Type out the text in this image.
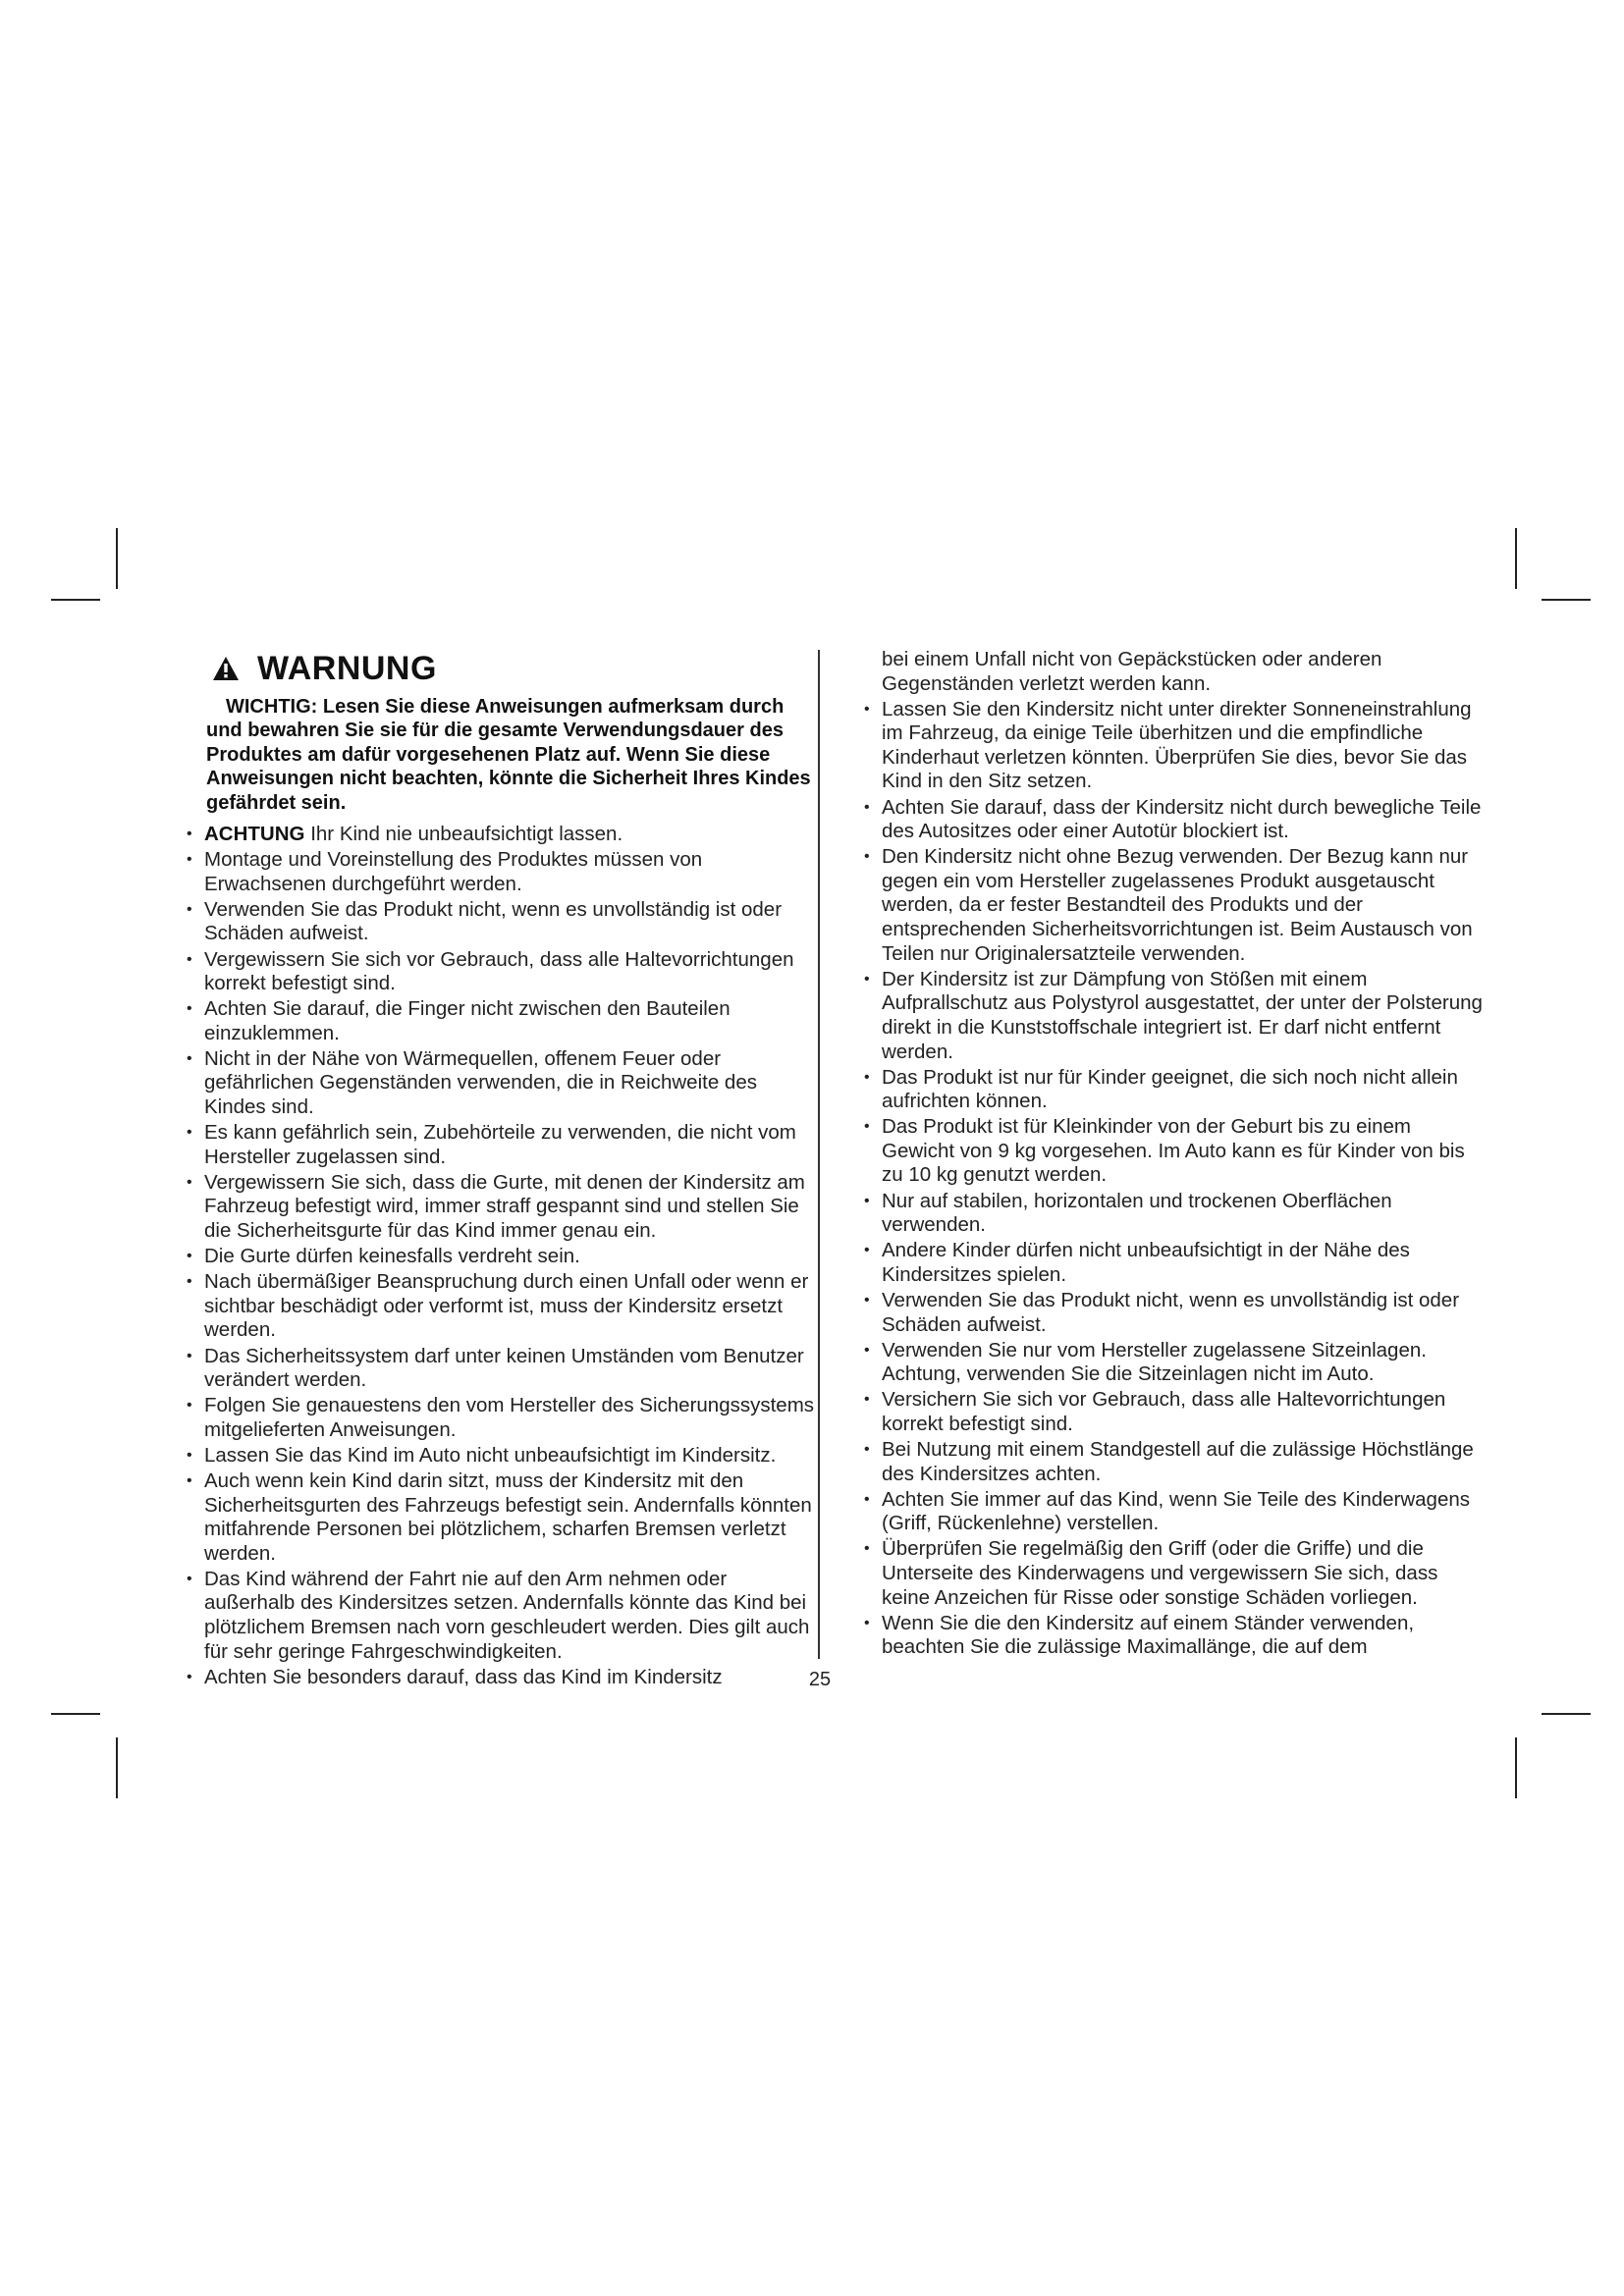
WARNUNG
WICHTIG: Lesen Sie diese Anweisungen aufmerksam durch und bewahren Sie sie für die gesamte Verwendungsdauer des Produktes am dafür vorgesehenen Platz auf. Wenn Sie diese Anweisungen nicht beachten, könnte die Sicherheit Ihres Kindes gefährdet sein.
• ACHTUNG Ihr Kind nie unbeaufsichtigt lassen.
• Montage und Voreinstellung des Produktes müssen von Erwachsenen durchgeführt werden.
• Verwenden Sie das Produkt nicht, wenn es unvollständig ist oder Schäden aufweist.
• Vergewissern Sie sich vor Gebrauch, dass alle Haltevorrichtungen korrekt befestigt sind.
• Achten Sie darauf, die Finger nicht zwischen den Bauteilen einzuklemmen.
• Nicht in der Nähe von Wärmequellen, offenem Feuer oder gefährlichen Gegenständen verwenden, die in Reichweite des Kindes sind.
• Es kann gefährlich sein, Zubehörteile zu verwenden, die nicht vom Hersteller zugelassen sind.
• Vergewissern Sie sich, dass die Gurte, mit denen der Kindersitz am Fahrzeug befestigt wird, immer straff gespannt sind und stellen Sie die Sicherheitsgurte für das Kind immer genau ein.
• Die Gurte dürfen keinesfalls verdreht sein.
• Nach übermäßiger Beanspruchung durch einen Unfall oder wenn er sichtbar beschädigt oder verformt ist, muss der Kindersitz ersetzt werden.
• Das Sicherheitssystem darf unter keinen Umständen vom Benutzer verändert werden.
• Folgen Sie genauestens den vom Hersteller des Sicherungssystems mitgelieferten Anweisungen.
• Lassen Sie das Kind im Auto nicht unbeaufsichtigt im Kindersitz.
• Auch wenn kein Kind darin sitzt, muss der Kindersitz mit den Sicherheitsgurten des Fahrzeugs befestigt sein. Andernfalls könnten mitfahrende Personen bei plötzlichem, scharfen Bremsen verletzt werden.
• Das Kind während der Fahrt nie auf den Arm nehmen oder außerhalb des Kindersitzes setzen. Andernfalls könnte das Kind bei plötzlichem Bremsen nach vorn geschleudert werden. Dies gilt auch für sehr geringe Fahrgeschwindigkeiten.
• Achten Sie besonders darauf, dass das Kind im Kindersitz
bei einem Unfall nicht von Gepäckstücken oder anderen Gegenständen verletzt werden kann.
• Lassen Sie den Kindersitz nicht unter direkter Sonneneinstrahlung im Fahrzeug, da einige Teile überhitzen und die empfindliche Kinderhaut verletzen könnten. Überprüfen Sie dies, bevor Sie das Kind in den Sitz setzen.
• Achten Sie darauf, dass der Kindersitz nicht durch bewegliche Teile des Autositzes oder einer Autotür blockiert ist.
• Den Kindersitz nicht ohne Bezug verwenden. Der Bezug kann nur gegen ein vom Hersteller zugelassenes Produkt ausgetauscht werden, da er fester Bestandteil des Produkts und der entsprechenden Sicherheitsvorrichtungen ist. Beim Austausch von Teilen nur Originalersatzteile verwenden.
• Der Kindersitz ist zur Dämpfung von Stößen mit einem Aufprallschutz aus Polystyrol ausgestattet, der unter der Polsterung direkt in die Kunststoffschale integriert ist. Er darf nicht entfernt werden.
• Das Produkt ist nur für Kinder geeignet, die sich noch nicht allein aufrichten können.
• Das Produkt ist für Kleinkinder von der Geburt bis zu einem Gewicht von 9 kg vorgesehen. Im Auto kann es für Kinder von bis zu 10 kg genutzt werden.
• Nur auf stabilen, horizontalen und trockenen Oberflächen verwenden.
• Andere Kinder dürfen nicht unbeaufsichtigt in der Nähe des Kindersitzes spielen.
• Verwenden Sie das Produkt nicht, wenn es unvollständig ist oder Schäden aufweist.
• Verwenden Sie nur vom Hersteller zugelassene Sitzeinlagen. Achtung, verwenden Sie die Sitzeinlagen nicht im Auto.
• Versichern Sie sich vor Gebrauch, dass alle Haltevorrichtungen korrekt befestigt sind.
• Bei Nutzung mit einem Standgestell auf die zulässige Höchstlänge des Kindersitzes achten.
• Achten Sie immer auf das Kind, wenn Sie Teile des Kinderwagens (Griff, Rückenlehne) verstellen.
• Überprüfen Sie regelmäßig den Griff (oder die Griffe) und die Unterseite des Kinderwagens und vergewissern Sie sich, dass keine Anzeichen für Risse oder sonstige Schäden vorliegen.
• Wenn Sie die den Kindersitz auf einem Ständer verwenden, beachten Sie die zulässige Maximallänge, die auf dem
25
